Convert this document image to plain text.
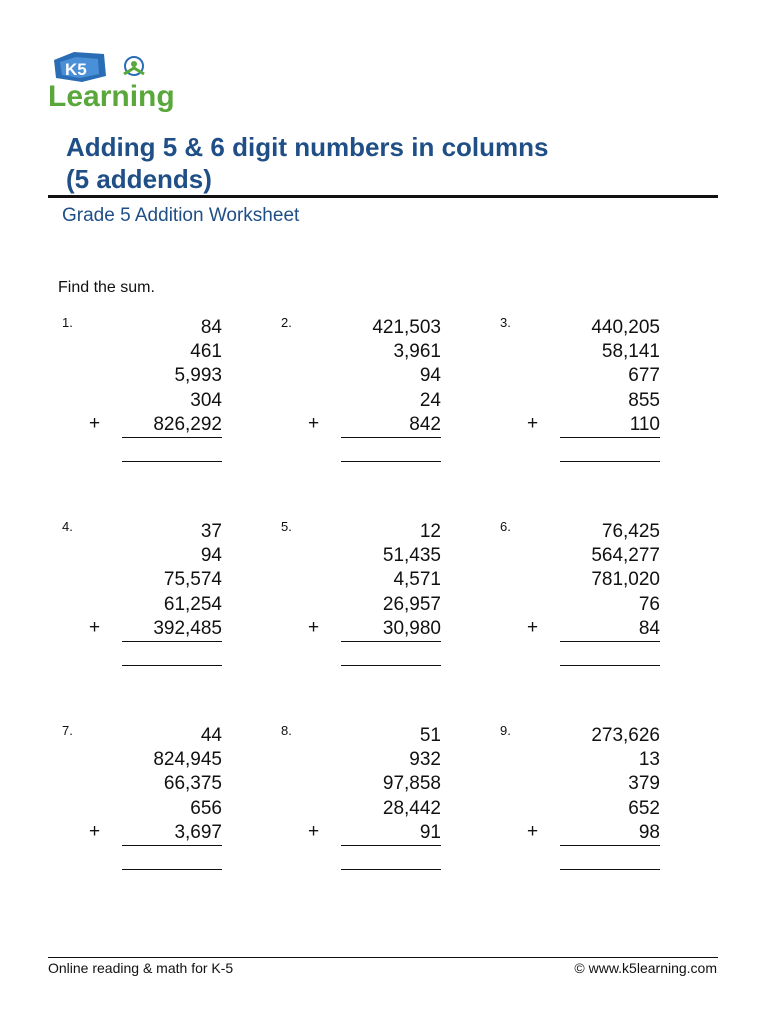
K5
Learning
Adding 5 & 6 digit numbers in columns
(5 addends)
Grade 5 Addition Worksheet
Find the sum.
1.	84
461
5,993
304
826,292
+
2.	421,503
3,961
94
24
842
+
3.	440,205
58,141
677
855
110
+
4.	37
94
75,574
61,254
392,485
+
5.	12
51,435
4,571
26,957
30,980
+
6.	76,425
564,277
781,020
76
84
+
7.	44
824,945
66,375
656
3,697
+
8.	51
932
97,858
28,442
91
+
9.	273,626
13
379
652
98
+
Online reading & math for K-5	© www.k5learning.com
